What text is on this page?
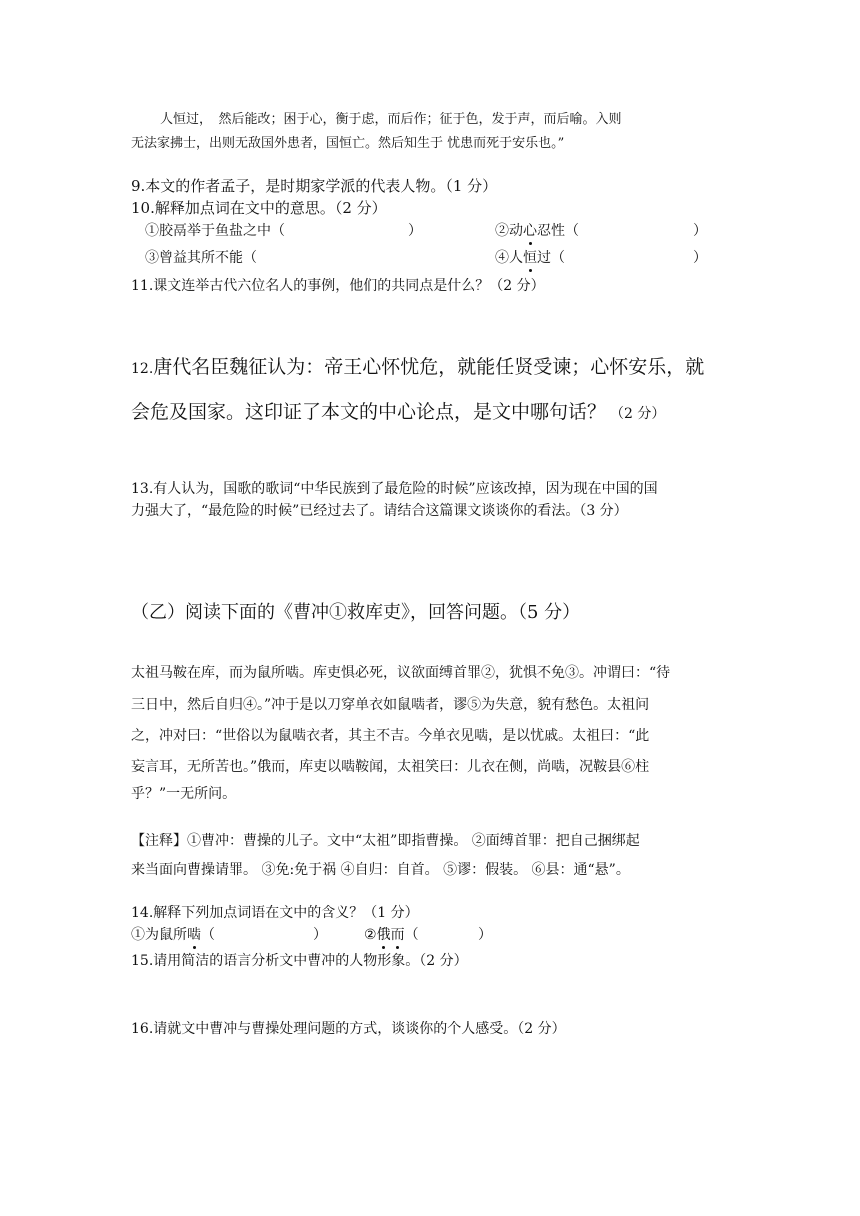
人恒过，　然后能改；困于心，衡于虑，而后作；征于色，发于声，而后喻。入则
无法家拂士，出则无敌国外患者，国恒亡。然后知生于 忧患而死于安乐也。”
9.本文的作者孟子，是时期家学派的代表人物。（1 分）
10.解释加点词在文中的意思。（2 分）
①胶鬲举于鱼盐之中（	）	②动心忍性（	）
③曾益其所不能（	④人恒过（	）
11.课文连举古代六位名人的事例，他们的共同点是什么？（2 分）
12.唐代名臣魏征认为：帝王心怀忧危，就能任贤受谏；心怀安乐，就
会危及国家。这印证了本文的中心论点，是文中哪句话？ （2 分）
13.有人认为，国歌的歌词“中华民族到了最危险的时候”应该改掉，因为现在中国的国
力强大了，“最危险的时候”已经过去了。请结合这篇课文谈谈你的看法。（3 分）
（乙）阅读下面的《曹冲①救库吏》，回答问题。（5 分）
太祖马鞍在库，而为鼠所啮。库吏惧必死，议欲面缚首罪②，犹惧不免③。冲谓曰：“待
三日中，然后自归④。”冲于是以刀穿单衣如鼠啮者，谬⑤为失意，貌有愁色。太祖问
之，冲对曰：“世俗以为鼠啮衣者，其主不吉。今单衣见啮，是以忧戚。太祖曰：“此
妄言耳，无所苦也。”俄而，库吏以啮鞍闻，太祖笑曰：儿衣在侧，尚啮，况鞍县⑥柱
乎？”一无所问。
【注释】①曹冲：曹操的儿子。文中“太祖”即指曹操。 ②面缚首罪：把自己捆绑起
来当面向曹操请罪。 ③免:免于祸 ④自归：自首。 ⑤谬：假装。 ⑥县：通“悬”。
14.解释下列加点词语在文中的含义？（1 分）
①为鼠所啮（	）	②俄而（	）
15.请用简洁的语言分析文中曹冲的人物形象。（2 分）
16.请就文中曹冲与曹操处理问题的方式，谈谈你的个人感受。（2 分）
